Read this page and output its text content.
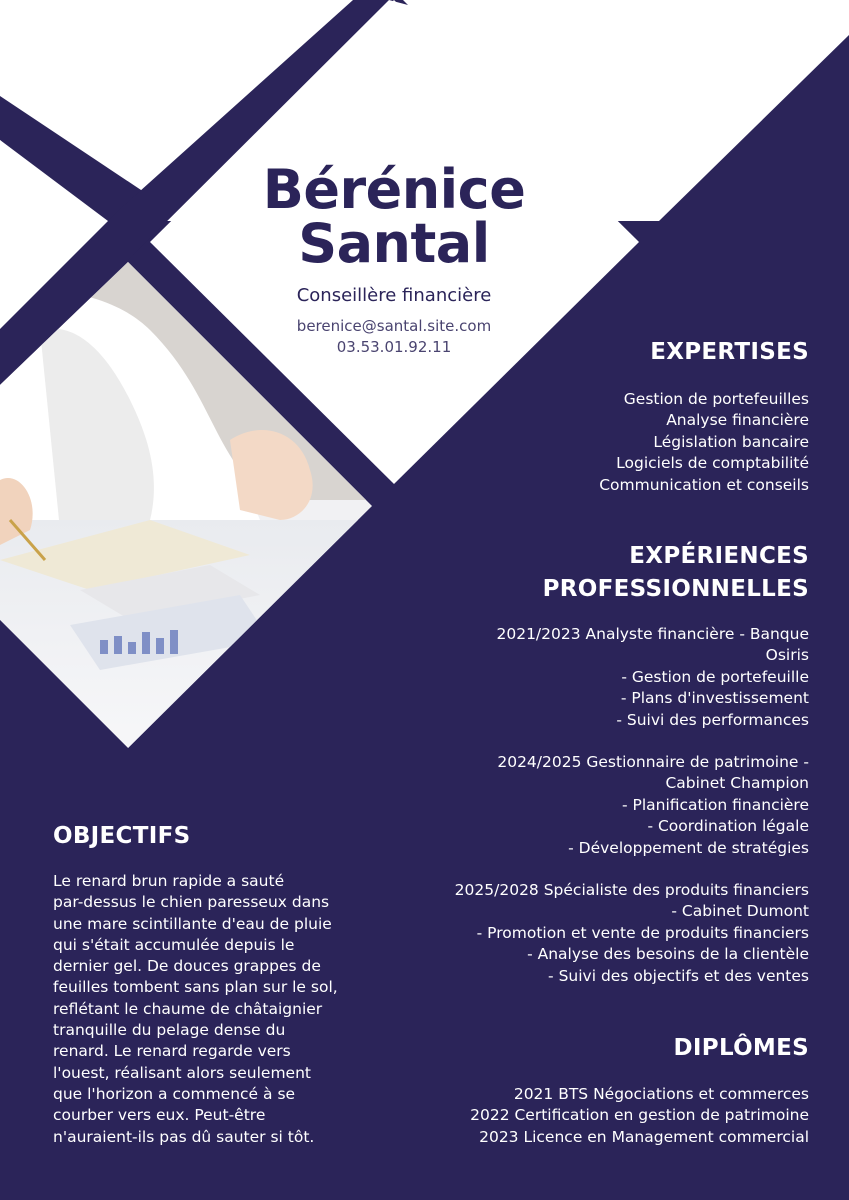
Bérénice
Santal

Conseillère financière

berenice@santal.site.com
03.53.01.92.11	EXPERTISES
Gestion de portefeuilles
Analyse financière
Législation bancaire
Logiciels de comptabilité
Communication et conseils
EXPÉRIENCES
PROFESSIONNELLES
2021/2023 Analyste financière - Banque
Osiris
- Gestion de portefeuille
- Plans d'investissement
- Suivi des performances
2024/2025 Gestionnaire de patrimoine -
Cabinet Champion
- Planification financière
- Coordination légale
- Développement de stratégies
2025/2028 Spécialiste des produits financiers
- Cabinet Dumont
- Promotion et vente de produits financiers
- Analyse des besoins de la clientèle
- Suivi des objectifs et des ventes
DIPLÔMES
2021 BTS Négociations et commerces
2022 Certification en gestion de patrimoine
2023 Licence en Management commercial
OBJECTIFS
Le renard brun rapide a sauté
par-dessus le chien paresseux dans
une mare scintillante d'eau de pluie
qui s'était accumulée depuis le
dernier gel. De douces grappes de
feuilles tombent sans plan sur le sol,
reflétant le chaume de châtaignier
tranquille du pelage dense du
renard. Le renard regarde vers
l'ouest, réalisant alors seulement
que l'horizon a commencé à se
courber vers eux. Peut-être
n'auraient-ils pas dû sauter si tôt.
